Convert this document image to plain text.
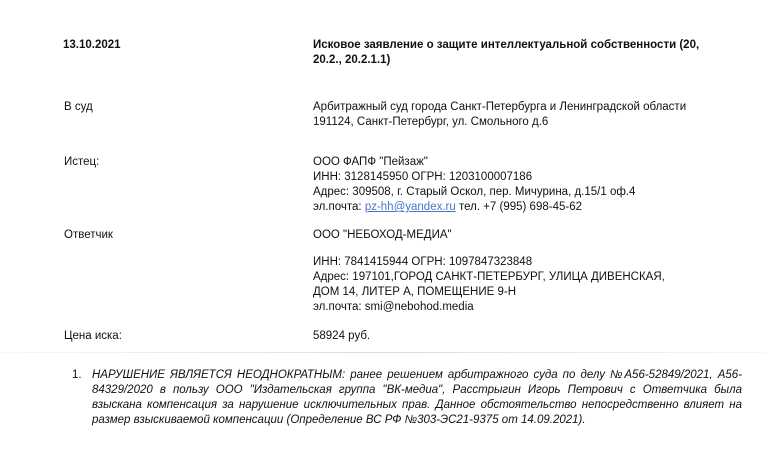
13.10.2021	Исковое заявление о защите интеллектуальной собственности (20, 20.2., 20.2.1.1)
В суд	Арбитражный суд города Санкт-Петербурга и Ленинградской области
191124, Санкт-Петербург, ул. Смольного д.6
Истец:	ООО ФАПФ "Пейзаж"
ИНН: 3128145950 ОГРН: 1203100007186
Адрес: 309508, г. Старый Оскол, пер. Мичурина, д.15/1 оф.4
эл.почта: pz-hh@yandex.ru тел. +7 (995) 698-45-62
Ответчик	ООО "НЕБОХОД-МЕДИА"
ИНН: 7841415944 ОГРН: 1097847323848
Адрес: 197101,ГОРОД САНКТ-ПЕТЕРБУРГ, УЛИЦА ДИВЕНСКАЯ,
ДОМ 14, ЛИТЕР А, ПОМЕЩЕНИЕ 9-Н
эл.почта: smi@nebohod.media
Цена иска:	58924 руб.
1. НАРУШЕНИЕ ЯВЛЯЕТСЯ НЕОДНОКРАТНЫМ: ранее решением арбитражного суда по делу №А56-52849/2021, А56-84329/2020 в пользу ООО "Издательская группа "ВК-медиа", Расстрыгин Игорь Петрович с Ответчика была взыскана компенсация за нарушение исключительных прав. Данное обстоятельство непосредственно влияет на размер взыскиваемой компенсации (Определение ВС РФ №303-ЭС21-9375 от 14.09.2021).
